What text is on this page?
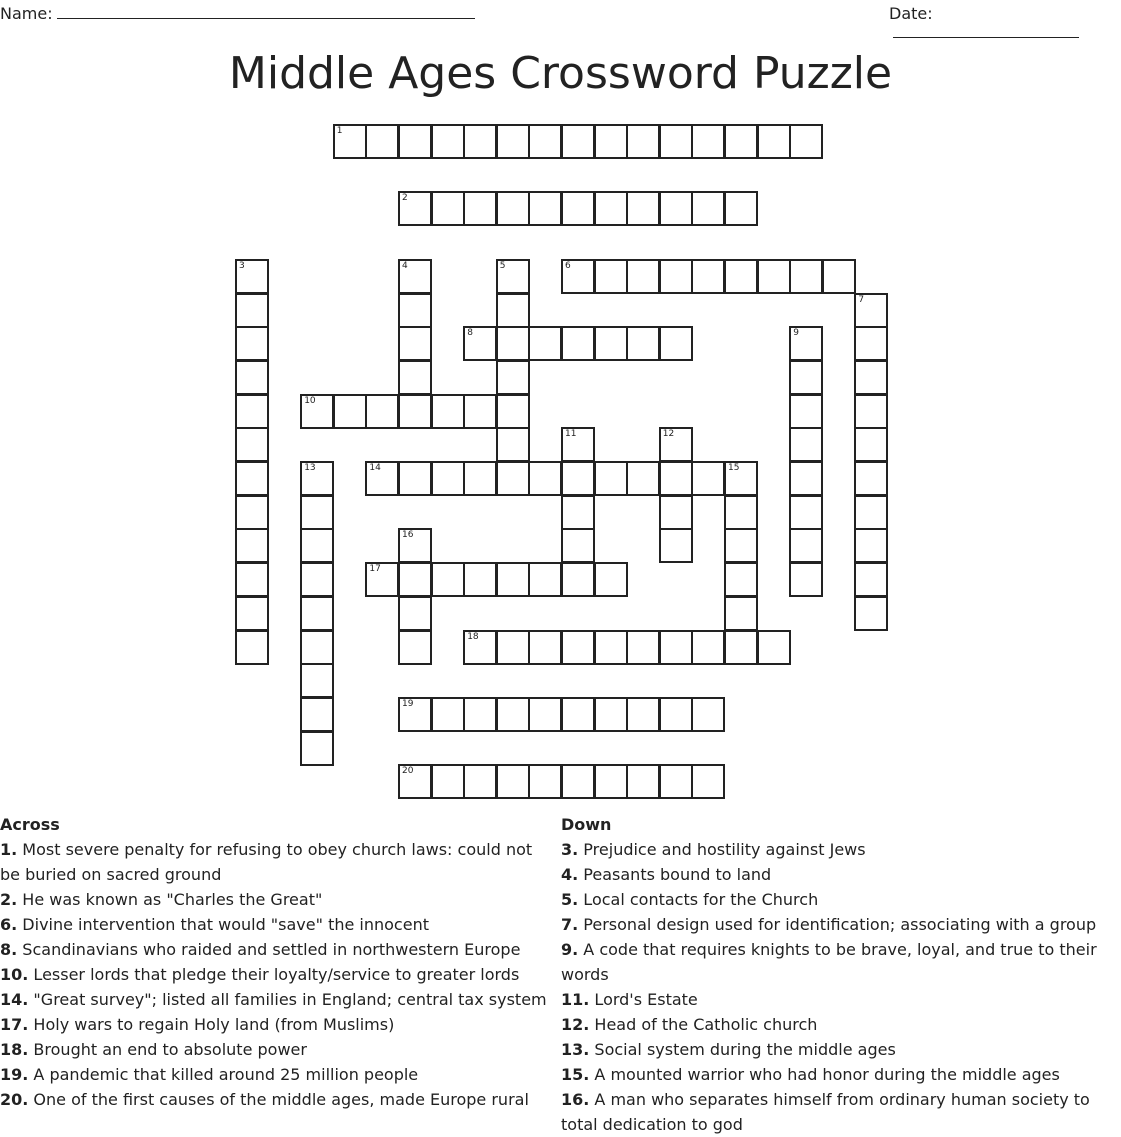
Name:	Date:
Middle Ages Crossword Puzzle
1
2
3	4	5	6
7
8	9
10
11	12
13	14	15
16
17
18
19
20
Across
1. Most severe penalty for refusing to obey church laws: could not be buried on sacred ground
2. He was known as "Charles the Great"
6. Divine intervention that would "save" the innocent
8. Scandinavians who raided and settled in northwestern Europe
10. Lesser lords that pledge their loyalty/service to greater lords
14. "Great survey"; listed all families in England; central tax system
17. Holy wars to regain Holy land (from Muslims)
18. Brought an end to absolute power
19. A pandemic that killed around 25 million people
20. One of the first causes of the middle ages, made Europe rural
Down
3. Prejudice and hostility against Jews
4. Peasants bound to land
5. Local contacts for the Church
7. Personal design used for identification; associating with a group
9. A code that requires knights to be brave, loyal, and true to their words
11. Lord's Estate
12. Head of the Catholic church
13. Social system during the middle ages
15. A mounted warrior who had honor during the middle ages
16. A man who separates himself from ordinary human society to total dedication to god
